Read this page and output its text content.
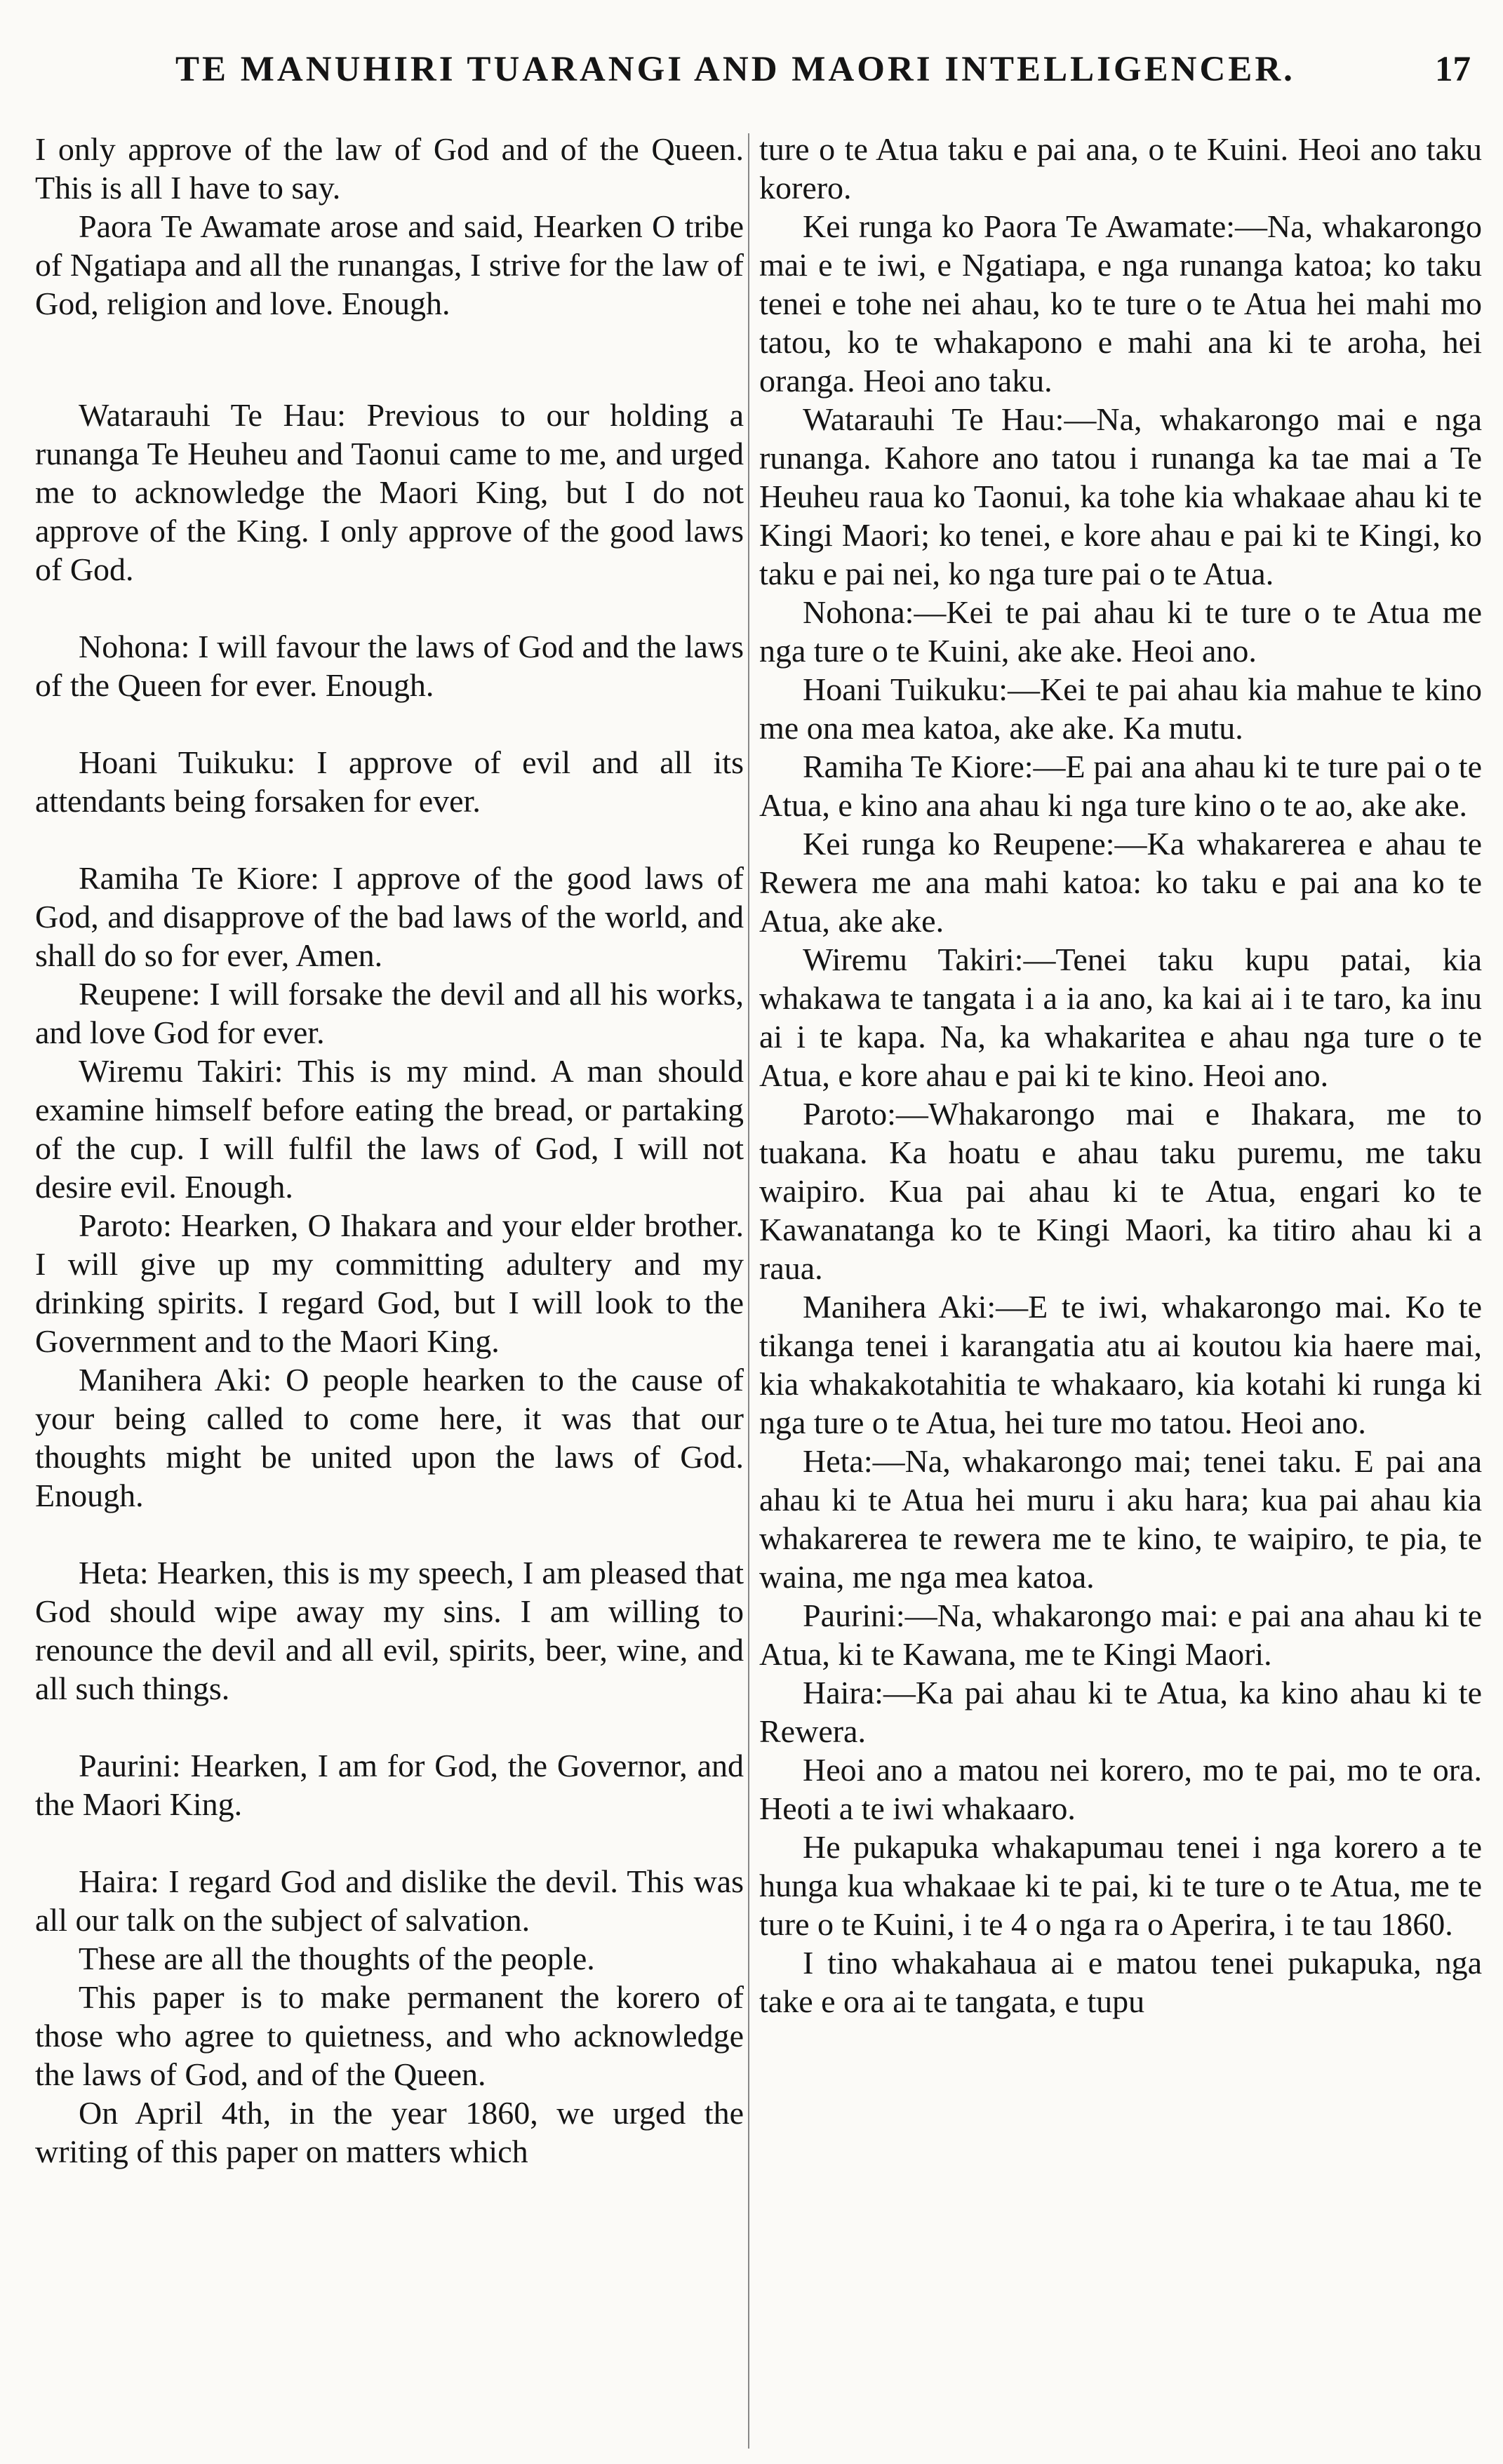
TE MANUHIRI TUARANGI AND MAORI INTELLIGENCER.	17

I only approve of the law of God and of the Queen. This is all I have to say.

Paora Te Awamate arose and said, Hearken O tribe of Ngatiapa and all the runangas, I strive for the law of God, religion and love. Enough.

Watarauhi Te Hau: Previous to our holding a runanga Te Heuheu and Taonui came to me, and urged me to acknowledge the Maori King, but I do not approve of the King. I only approve of the good laws of God.

Nohona: I will favour the laws of God and the laws of the Queen for ever. Enough.

Hoani Tuikuku: I approve of evil and all its attendants being forsaken for ever.

Ramiha Te Kiore: I approve of the good laws of God, and disapprove of the bad laws of the world, and shall do so for ever, Amen.

Reupene: I will forsake the devil and all his works, and love God for ever.

Wiremu Takiri: This is my mind. A man should examine himself before eating the bread, or partaking of the cup. I will fulfil the laws of God, I will not desire evil. Enough.

Paroto: Hearken, O Ihakara and your elder brother. I will give up my committing adultery and my drinking spirits. I regard God, but I will look to the Government and to the Maori King.

Manihera Aki: O people hearken to the cause of your being called to come here, it was that our thoughts might be united upon the laws of God. Enough.

Heta: Hearken, this is my speech, I am pleased that God should wipe away my sins. I am willing to renounce the devil and all evil, spirits, beer, wine, and all such things.

Paurini: Hearken, I am for God, the Governor, and the Maori King.

Haira: I regard God and dislike the devil. This was all our talk on the subject of salvation.

These are all the thoughts of the people.

This paper is to make permanent the korero of those who agree to quietness, and who acknowledge the laws of God, and of the Queen.

On April 4th, in the year 1860, we urged the writing of this paper on matters which

ture o te Atua taku e pai ana, o te Kuini. Heoi ano taku korero.

Kei runga ko Paora Te Awamate:—Na, whakarongo mai e te iwi, e Ngatiapa, e nga runanga katoa; ko taku tenei e tohe nei ahau, ko te ture o te Atua hei mahi mo tatou, ko te whakapono e mahi ana ki te aroha, hei oranga. Heoi ano taku.

Watarauhi Te Hau:—Na, whakarongo mai e nga runanga. Kahore ano tatou i runanga ka tae mai a Te Heuheu raua ko Taonui, ka tohe kia whakaae ahau ki te Kingi Maori; ko tenei, e kore ahau e pai ki te Kingi, ko taku e pai nei, ko nga ture pai o te Atua.

Nohona:—Kei te pai ahau ki te ture o te Atua me nga ture o te Kuini, ake ake. Heoi ano.

Hoani Tuikuku:—Kei te pai ahau kia mahue te kino me ona mea katoa, ake ake. Ka mutu.

Ramiha Te Kiore:—E pai ana ahau ki te ture pai o te Atua, e kino ana ahau ki nga ture kino o te ao, ake ake.

Kei runga ko Reupene:—Ka whakarerea e ahau te Rewera me ana mahi katoa: ko taku e pai ana ko te Atua, ake ake.

Wiremu Takiri:—Tenei taku kupu patai, kia whakawa te tangata i a ia ano, ka kai ai i te taro, ka inu ai i te kapa. Na, ka whakaritea e ahau nga ture o te Atua, e kore ahau e pai ki te kino. Heoi ano.

Paroto:—Whakarongo mai e Ihakara, me to tuakana. Ka hoatu e ahau taku puremu, me taku waipiro. Kua pai ahau ki te Atua, engari ko te Kawanatanga ko te Kingi Maori, ka titiro ahau ki a raua.

Manihera Aki:—E te iwi, whakarongo mai. Ko te tikanga tenei i karangatia atu ai koutou kia haere mai, kia whakakotahitia te whakaaro, kia kotahi ki runga ki nga ture o te Atua, hei ture mo tatou. Heoi ano.

Heta:—Na, whakarongo mai; tenei taku. E pai ana ahau ki te Atua hei muru i aku hara; kua pai ahau kia whakarerea te rewera me te kino, te waipiro, te pia, te waina, me nga mea katoa.

Paurini:—Na, whakarongo mai: e pai ana ahau ki te Atua, ki te Kawana, me te Kingi Maori.

Haira:—Ka pai ahau ki te Atua, ka kino ahau ki te Rewera.

Heoi ano a matou nei korero, mo te pai, mo te ora. Heoti a te iwi whakaaro.

He pukapuka whakapumau tenei i nga korero a te hunga kua whakaae ki te pai, ki te ture o te Atua, me te ture o te Kuini, i te 4 o nga ra o Aperira, i te tau 1860.

I tino whakahaua ai e matou tenei pukapuka, nga take e ora ai te tangata, e tupu
